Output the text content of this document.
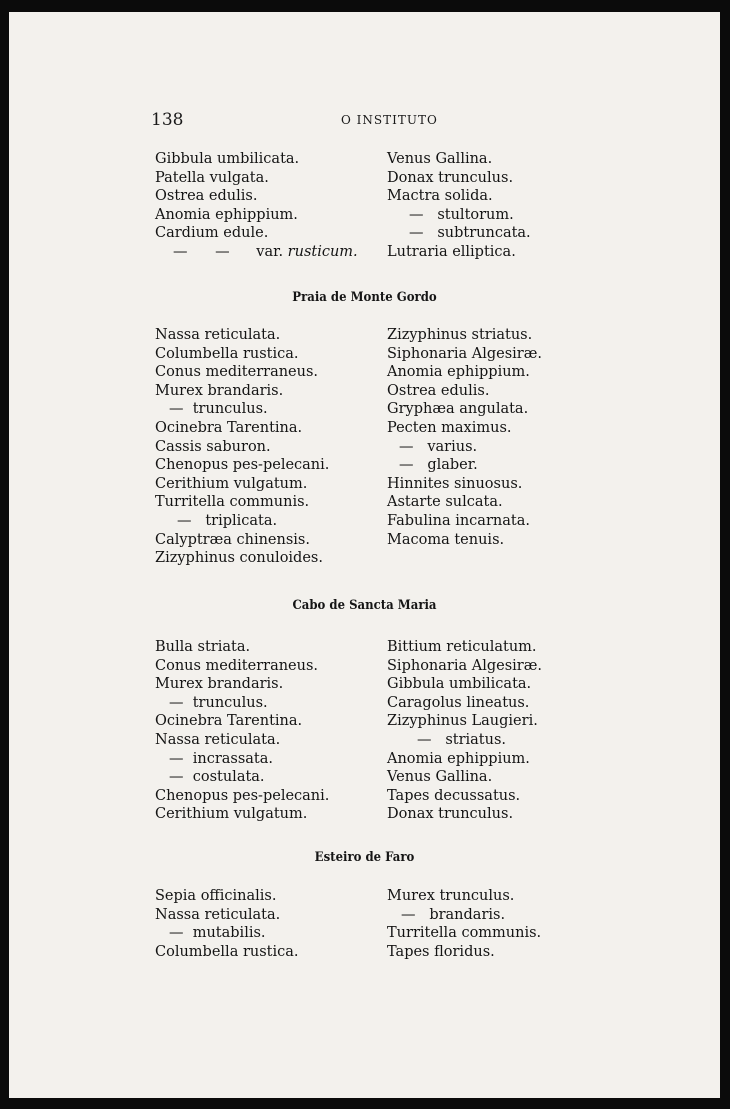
138	O INSTITUTO
Gibbula umbilicata.
Patella vulgata.
Ostrea edulis.
Anomia ephippium.
Cardium edule.
—      — var. rusticum.
Venus Gallina.
Donax trunculus.
Mactra solida.
—   stultorum.
—   subtruncata.
Lutraria elliptica.
Praia de Monte Gordo
Nassa reticulata.
Columbella rustica.
Conus mediterraneus.
Murex brandaris.
—  trunculus.
Ocinebra Tarentina.
Cassis saburon.
Chenopus pes-pelecani.
Cerithium vulgatum.
Turritella communis.
—   triplicata.
Calyptræa chinensis.
Zizyphinus conuloides.
Zizyphinus striatus.
Siphonaria Algesiræ.
Anomia ephippium.
Ostrea edulis.
Gryphæa angulata.
Pecten maximus.
—   varius.
—   glaber.
Hinnites sinuosus.
Astarte sulcata.
Fabulina incarnata.
Macoma tenuis.
Cabo de Sancta Maria
Bulla striata.
Conus mediterraneus.
Murex brandaris.
—  trunculus.
Ocinebra Tarentina.
Nassa reticulata.
—  incrassata.
—  costulata.
Chenopus pes-pelecani.
Cerithium vulgatum.
Bittium reticulatum.
Siphonaria Algesiræ.
Gibbula umbilicata.
Caragolus lineatus.
Zizyphinus Laugieri.
—   striatus.
Anomia ephippium.
Venus Gallina.
Tapes decussatus.
Donax trunculus.
Esteiro de Faro
Sepia officinalis.
Nassa reticulata.
—  mutabilis.
Columbella rustica.
Murex trunculus.
—   brandaris.
Turritella communis.
Tapes floridus.
